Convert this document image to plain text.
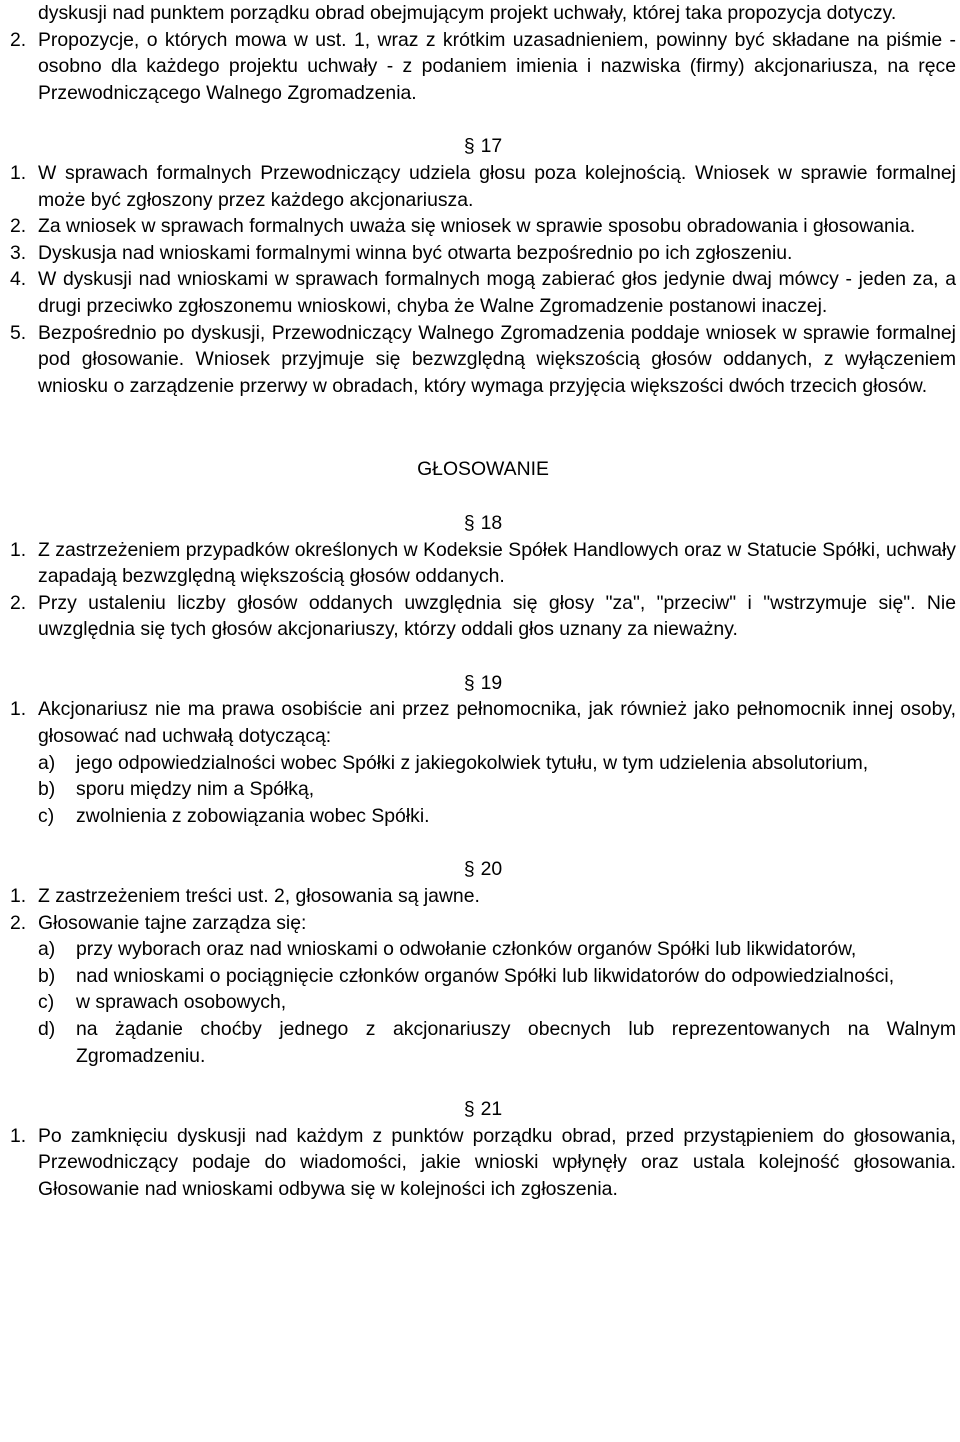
dyskusji nad punktem porządku obrad obejmującym projekt uchwały, której taka propozycja dotyczy.

2. Propozycje, o których mowa w ust. 1, wraz z krótkim uzasadnieniem, powinny być składane na piśmie - osobno dla każdego projektu uchwały - z podaniem imienia i nazwiska (firmy) akcjonariusza, na ręce Przewodniczącego Walnego Zgromadzenia.

§ 17

1. W sprawach formalnych Przewodniczący udziela głosu poza kolejnością. Wniosek w sprawie formalnej może być zgłoszony przez każdego akcjonariusza.
2. Za wniosek w sprawach formalnych uważa się wniosek w sprawie sposobu obradowania i głosowania.
3. Dyskusja nad wnioskami formalnymi winna być otwarta bezpośrednio po ich zgłoszeniu.
4. W dyskusji nad wnioskami w sprawach formalnych mogą zabierać głos jedynie dwaj mówcy - jeden za, a drugi przeciwko zgłoszonemu wnioskowi, chyba że Walne Zgromadzenie postanowi inaczej.
5. Bezpośrednio po dyskusji, Przewodniczący Walnego Zgromadzenia poddaje wniosek w sprawie formalnej pod głosowanie. Wniosek przyjmuje się bezwzględną większością głosów oddanych, z wyłączeniem wniosku o zarządzenie przerwy w obradach, który wymaga przyjęcia większości dwóch trzecich głosów.

GŁOSOWANIE

§ 18

1. Z zastrzeżeniem przypadków określonych w Kodeksie Spółek Handlowych oraz w Statucie Spółki, uchwały zapadają bezwzględną większością głosów oddanych.
2. Przy ustaleniu liczby głosów oddanych uwzględnia się głosy "za", "przeciw" i "wstrzymuje się". Nie uwzględnia się tych głosów akcjonariuszy, którzy oddali głos uznany za nieważny.

§ 19

1. Akcjonariusz nie ma prawa osobiście ani przez pełnomocnika, jak również jako pełnomocnik innej osoby, głosować nad uchwałą dotyczącą:
a) jego odpowiedzialności wobec Spółki z jakiegokolwiek tytułu, w tym udzielenia absolutorium,
b) sporu między nim a Spółką,
c) zwolnienia z zobowiązania wobec Spółki.

§ 20

1. Z zastrzeżeniem treści ust. 2, głosowania są jawne.
2. Głosowanie tajne zarządza się:
a) przy wyborach oraz nad wnioskami o odwołanie członków organów Spółki lub likwidatorów,
b) nad wnioskami o pociągnięcie członków organów Spółki lub likwidatorów do odpowiedzialności,
c) w sprawach osobowych,
d) na żądanie choćby jednego z akcjonariuszy obecnych lub reprezentowanych na Walnym Zgromadzeniu.

§ 21

1. Po zamknięciu dyskusji nad każdym z punktów porządku obrad, przed przystąpieniem do głosowania, Przewodniczący podaje do wiadomości, jakie wnioski wpłynęły oraz ustala kolejność głosowania. Głosowanie nad wnioskami odbywa się w kolejności ich zgłoszenia.
